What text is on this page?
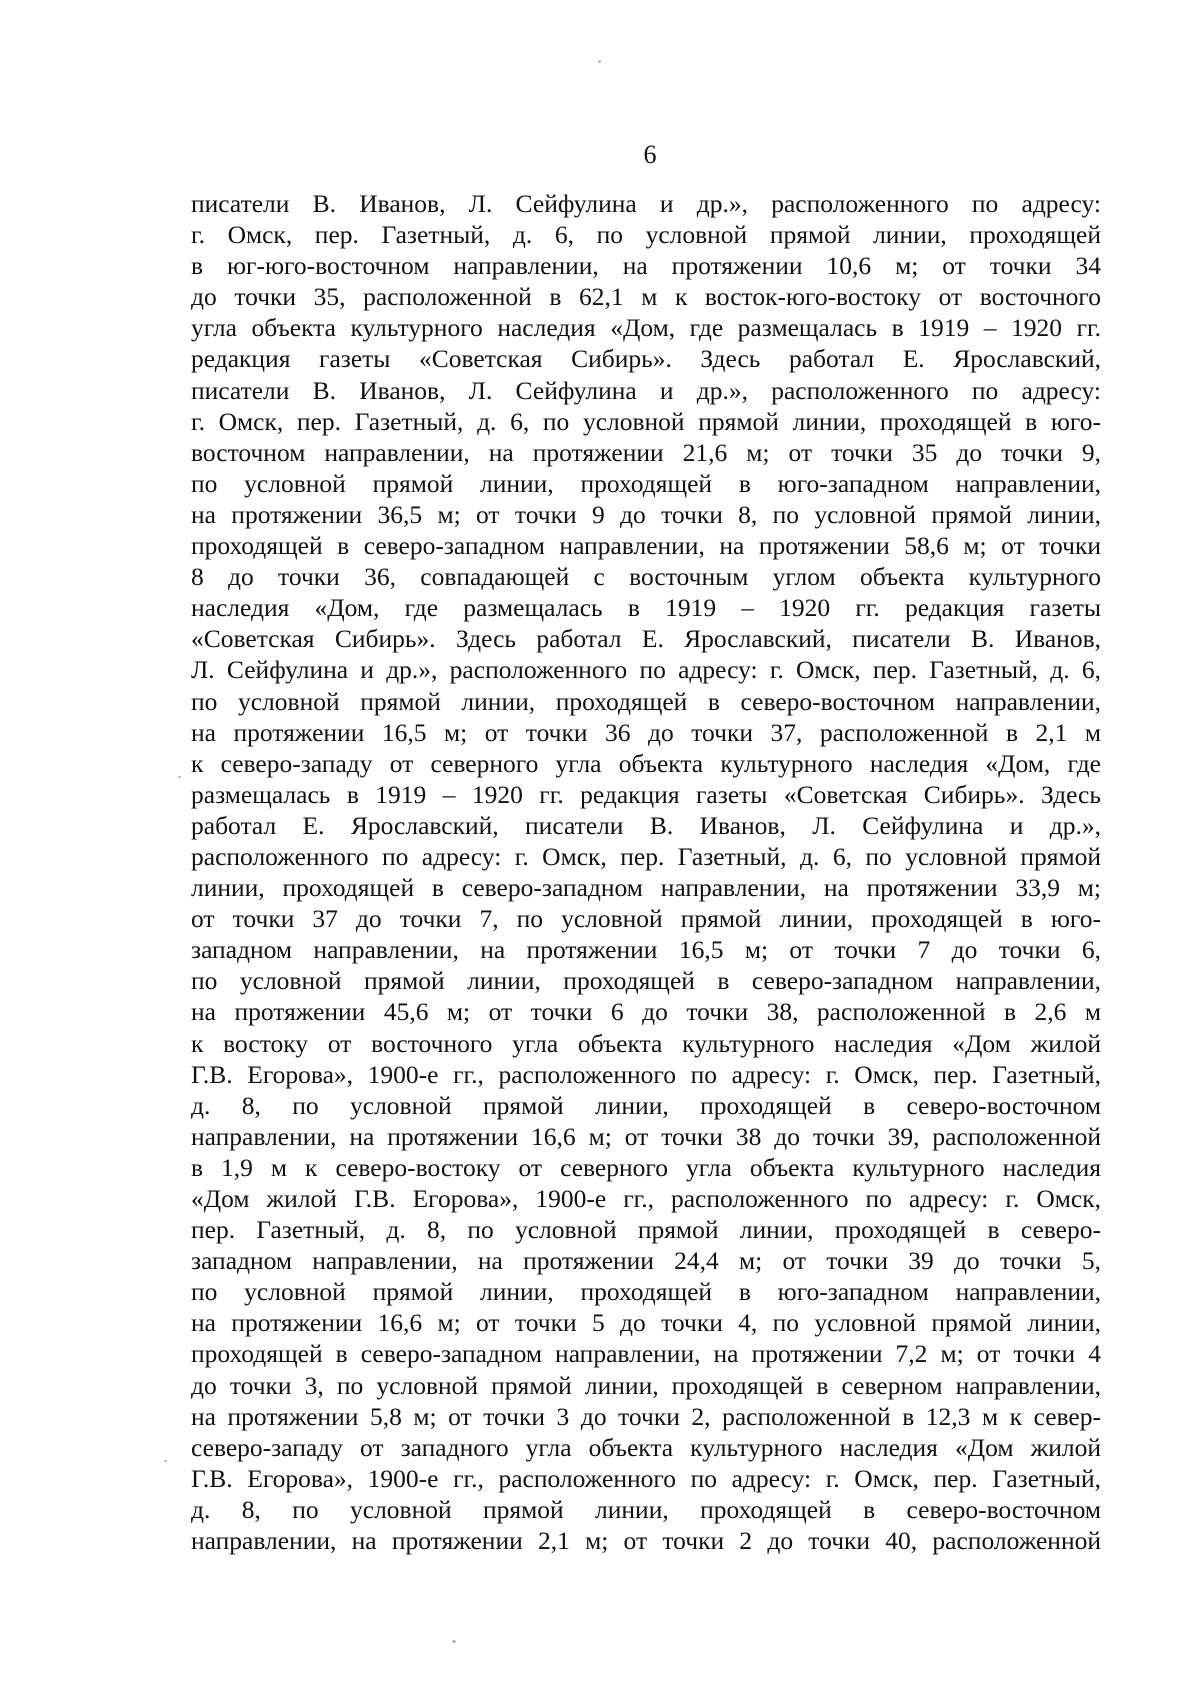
6
писатели В. Иванов, Л. Сейфулина и др.», расположенного по адресу:
г. Омск, пер. Газетный, д. 6, по условной прямой линии, проходящей
в юг-юго-восточном направлении, на протяжении 10,6 м; от точки 34
до точки 35, расположенной в 62,1 м к восток-юго-востоку от восточного
угла объекта культурного наследия «Дом, где размещалась в 1919 – 1920 гг.
редакция газеты «Советская Сибирь». Здесь работал Е. Ярославский,
писатели В. Иванов, Л. Сейфулина и др.», расположенного по адресу:
г. Омск, пер. Газетный, д. 6, по условной прямой линии, проходящей в юго-
восточном направлении, на протяжении 21,6 м; от точки 35 до точки 9,
по условной прямой линии, проходящей в юго-западном направлении,
на протяжении 36,5 м; от точки 9 до точки 8, по условной прямой линии,
проходящей в северо-западном направлении, на протяжении 58,6 м; от точки
8 до точки 36, совпадающей с восточным углом объекта культурного
наследия «Дом, где размещалась в 1919 – 1920 гг. редакция газеты
«Советская Сибирь». Здесь работал Е. Ярославский, писатели В. Иванов,
Л. Сейфулина и др.», расположенного по адресу: г. Омск, пер. Газетный, д. 6,
по условной прямой линии, проходящей в северо-восточном направлении,
на протяжении 16,5 м; от точки 36 до точки 37, расположенной в 2,1 м
к северо-западу от северного угла объекта культурного наследия «Дом, где
размещалась в 1919 – 1920 гг. редакция газеты «Советская Сибирь». Здесь
работал Е. Ярославский, писатели В. Иванов, Л. Сейфулина и др.»,
расположенного по адресу: г. Омск, пер. Газетный, д. 6, по условной прямой
линии, проходящей в северо-западном направлении, на протяжении 33,9 м;
от точки 37 до точки 7, по условной прямой линии, проходящей в юго-
западном направлении, на протяжении 16,5 м; от точки 7 до точки 6,
по условной прямой линии, проходящей в северо-западном направлении,
на протяжении 45,6 м; от точки 6 до точки 38, расположенной в 2,6 м
к востоку от восточного угла объекта культурного наследия «Дом жилой
Г.В. Егорова», 1900-е гг., расположенного по адресу: г. Омск, пер. Газетный,
д. 8, по условной прямой линии, проходящей в северо-восточном
направлении, на протяжении 16,6 м; от точки 38 до точки 39, расположенной
в 1,9 м к северо-востоку от северного угла объекта культурного наследия
«Дом жилой Г.В. Егорова», 1900-е гг., расположенного по адресу: г. Омск,
пер. Газетный, д. 8, по условной прямой линии, проходящей в северо-
западном направлении, на протяжении 24,4 м; от точки 39 до точки 5,
по условной прямой линии, проходящей в юго-западном направлении,
на протяжении 16,6 м; от точки 5 до точки 4, по условной прямой линии,
проходящей в северо-западном направлении, на протяжении 7,2 м; от точки 4
до точки 3, по условной прямой линии, проходящей в северном направлении,
на протяжении 5,8 м; от точки 3 до точки 2, расположенной в 12,3 м к север-
северо-западу от западного угла объекта культурного наследия «Дом жилой
Г.В. Егорова», 1900-е гг., расположенного по адресу: г. Омск, пер. Газетный,
д. 8, по условной прямой линии, проходящей в северо-восточном
направлении, на протяжении 2,1 м; от точки 2 до точки 40, расположенной
